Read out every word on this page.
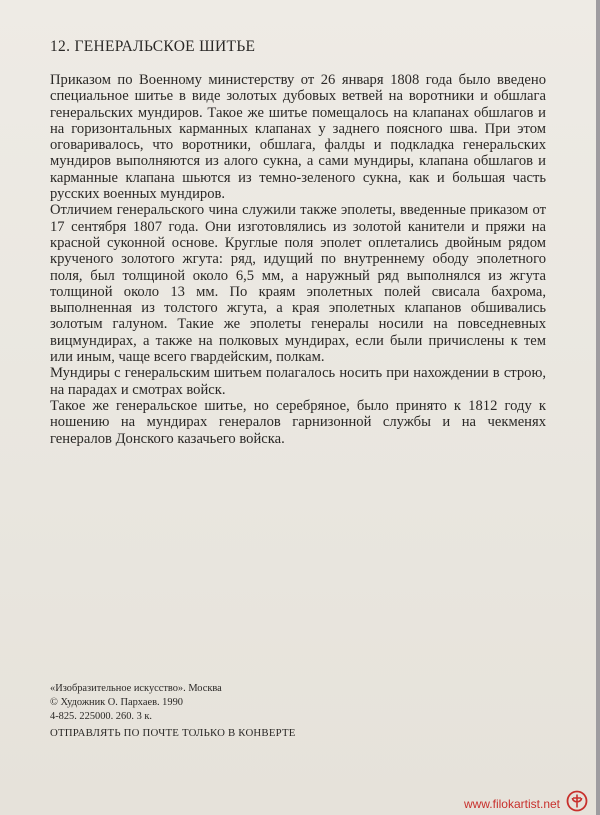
12. ГЕНЕРАЛЬСКОЕ ШИТЬЕ

Приказом по Военному министерству от 26 января 1808 года было введено специальное шитье в виде золотых дубовых ветвей на воротники и обшлага генеральских мундиров. Такое же шитье помещалось на клапанах обшлагов и на горизонтальных карманных клапанах у заднего поясного шва. При этом оговаривалось, что воротники, обшлага, фалды и подкладка генеральских мундиров выполняются из алого сукна, а сами мундиры, клапана обшлагов и карманные клапана шьются из темно-зеленого сукна, как и большая часть русских военных мундиров.

Отличием генеральского чина служили также эполеты, введенные приказом от 17 сентября 1807 года. Они изготовлялись из золотой канители и пряжи на красной суконной основе. Круглые поля эполет оплетались двойным рядом крученого золотого жгута: ряд, идущий по внутреннему ободу эполетного поля, был толщиной около 6,5 мм, а наружный ряд выполнялся из жгута толщиной около 13 мм. По краям эполетных полей свисала бахрома, выполненная из толстого жгута, а края эполетных клапанов обшивались золотым галуном. Такие же эполеты генералы носили на повседневных вицмундирах, а также на полковых мундирах, если были причислены к тем или иным, чаще всего гвардейским, полкам.

Мундиры с генеральским шитьем полагалось носить при нахождении в строю, на парадах и смотрах войск.

Такое же генеральское шитье, но серебряное, было принято к 1812 году к ношению на мундирах генералов гарнизонной службы и на чекменях генералов Донского казачьего войска.

«Изобразительное искусство». Москва
© Художник О. Пархаев. 1990
4-825. 225000. 260. 3 к.
ОТПРАВЛЯТЬ ПО ПОЧТЕ ТОЛЬКО В КОНВЕРТЕ
www.filokartist.net
